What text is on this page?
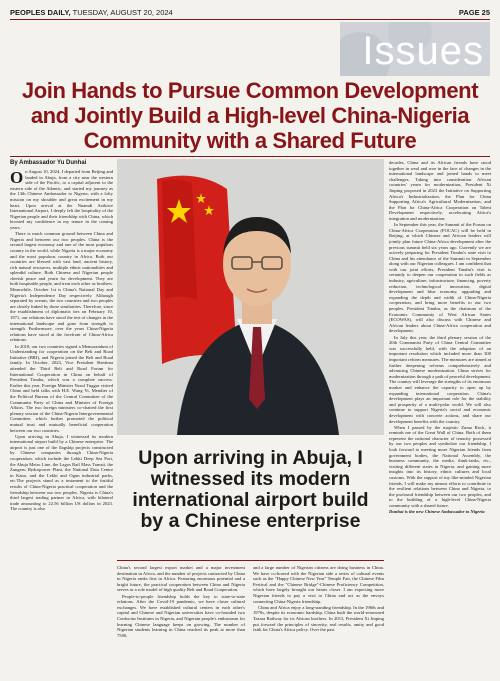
PEOPLES DAILY, TUESDAY, AUGUST 20, 2024	PAGE 25
Issues
Join Hands to Pursue Common Development
and Jointly Build a High-level China-Nigeria
Community with a Shared Future
By Ambassador Yu Dunhai

On August 10, 2024, I departed from Beijing and landed in Abuja, from a city near the western side of the Pacific, to a capital adjacent to the eastern side of the Atlantic, and started my journey as the 13th Chinese Ambassador to Nigeria, with a lofty mission on my shoulder and great excitement in my heart. Upon arrival at the Nnamdi Azikiwe International Airport, I deeply felt the hospitality of the Nigerian people and their friendship with China, which boosted my confidence in my tenure in the coming years.

There is much common ground between China and Nigeria and between our two peoples. China is the second largest economy and one of the most populous country in the world, while Nigeria is a major economy and the most populous country in Africa. Both our countries are blessed with vast land, ancient history, rich natural resources, multiple ethnic nationalities and splendid culture. Both Chinese and Nigerian people cherish peace and yearn for development. They are both hospitable people, and treat each other as brothers. Meanwhile, October 1st is China's National Day and Nigeria's Independence Day respectively. Although separated by oceans, the two countries and two peoples are closely linked by those similarities. Therefore, since the establishment of diplomatic ties on February 10, 1971, our relations have stood the test of changes in the international landscape and gone from strength to strength. Furthermore, over the years China-Nigeria relations have stood at the forefront of China-Africa relations.

In 2018, our two countries signed a Memorandum of Understanding for cooperation on the Belt and Road Initiative (BRI), and Nigeria joined the Belt and Road family. In October, 2023, Vice President Shettima attended the Third Belt and Road Forum for International Cooperation in China on behalf of President Tinubu, which was a complete success. Earlier this year, Foreign Minister Yusuf Tuggar visited China and held talks with H.E. Wang Yi, Member of the Political Bureau of the Central Committee of the Communist Party of China and Minister of Foreign Affairs. The two foreign ministers co-chaired the first plenary session of the China-Nigeria Intergovernmental Committee, which further promoted the political mutual trust and mutually beneficial cooperation between our two countries.

Upon arriving in Abuja, I witnessed its modern international airport build by a Chinese enterprise. The airport is just one of the flagship projects constructed by Chinese companies through China-Nigeria cooperation, which include the Lekki Deep Sea Port, the Abuja Metro Line, the Lagos Rail Mass Transit, the Zungeru Hydropower Plant, the National Data Centre in Kano, and the Lekki and Ogun industrial parks, etc.The projects stand as a testament to the fruitful results of China-Nigeria practical cooperation and the friendship between our two peoples. Nigeria is China's third largest trading partner in Africa, with bilateral trade amounting to 22.56 billion US dollars in 2023. The country is also

Upon arriving in Abuja, I witnessed its modern international airport build by a Chinese enterprise

China's second largest export market and a major investment destination in Africa, and the number of projects contracted by China in Nigeria ranks first in Africa. Featuring enormous potential and a bright future, the practical cooperation between China and Nigeria serves as a role model of high quality Belt and Road Cooperation.

People-to-people friendship holds the key to state-to-state relations. After the Covid-19 pandemic, we have closer cultural exchanges. We have established cultural centers in each other's capital and Chinese and Nigerian universities have co-founded two Confucius Institutes in Nigeria, and Nigerian people's enthusiasm for learning Chinese language keeps on growing. The number of Nigerian students learning in China reached its peak at more than 7500,

and a large number of Nigerian citizens are doing business in China. We have co-hosted with the Nigerian side a series of cultural events such as the "Happy Chinese New Year" Temple Fair, the Chinese Film Festival and the "Chinese Bridge"-Chinese Proficiency Competition, which have largely brought our hearts closer. I am expecting more Nigerian friends to pay a visit to China and act as the envoys connecting China-Nigeria friendship.

China and Africa enjoy a long-standing friendship. In the 1960s and 1970s, despite its economic hardship, China built the world-renowned Tazara Railway for its African brothers. In 2013, President Xi Jinping put forward the principles of sincerity, real results, amity and good faith for China's Africa policy. Over the past

decades, China and its African friends have stood together in weal and woe in the face of changes in the international landscape and joined hands to meet challenges. Taking into consideration African countries' yearn for modernization, President Xi Jinping proposed in 2023 the Initiative on Supporting Africa's Industrialization, the Plan for China Supporting Africa's Agricultural Modernization, and the Plan for China-Africa Cooperation on Talent Development respectively, accelerating Africa's integration and modernization.

In September this year, the Summit of the Forum on China-Africa Cooperation (FOCAC) will be held in Beijing, at which Chinese and African leaders will jointly plan future China-Africa development after the previous summit held six years ago. Currently we are actively preparing for President Tinubu's state visit to China and his attendance of the Summit in September along with our Nigerian colleagues. I am confident that with our joint efforts, President Tinubu's visit is certainly to deepen our cooperation in such fields as industry, agriculture, infrastructure, financing, poverty reduction, technological innovation, digital development and blue economy, upgrading and expanding the depth and width of China-Nigeria cooperation, and bring more benefits to our two peoples. President Tinubu, as the chairman of the Economic Community of West African States (ECOWAS), will also discuss with Chinese and African leaders about China-Africa cooperation and development.

In July this year, the third plenary session of the 20th Communist Party of China Central Committee was successfully held, with the adoption of an important resolution which included more than 300 important reform measures. The measures are aimed at further deepening reforms comprehensively and advancing Chinese modernization. China strives for modernization through a path of peaceful development. The country will leverage the strengths of its enormous market and enhance the capacity to open up by expanding international cooperation. China's development plays an important role for the stability and prosperity of a multi-polar world. We will also continue to support Nigeria's social and economic development with concrete actions, and share our development benefits with the country.

When I passed by the majestic Zuma Rock, it reminds me of the Great Wall of China. Both of them represent the national character of tenacity possessed by our two peoples and symbolize our friendship. I look forward to meeting more Nigerian friends from government bodies, the National Assembly, the business community, the media, think-tanks, etc., visiting different states in Nigeria, and gaining more insights into its history, ethnic cultures and local customs. With the support of my like-minded Nigerian friends, I will make my utmost efforts to contribute to the resilient relations between China and Nigeria, to the profound friendship between our two peoples, and to the building of a high-level China-Nigeria community with a shared future.

Dunhai is the new Chinese Ambassador to Nigeria
